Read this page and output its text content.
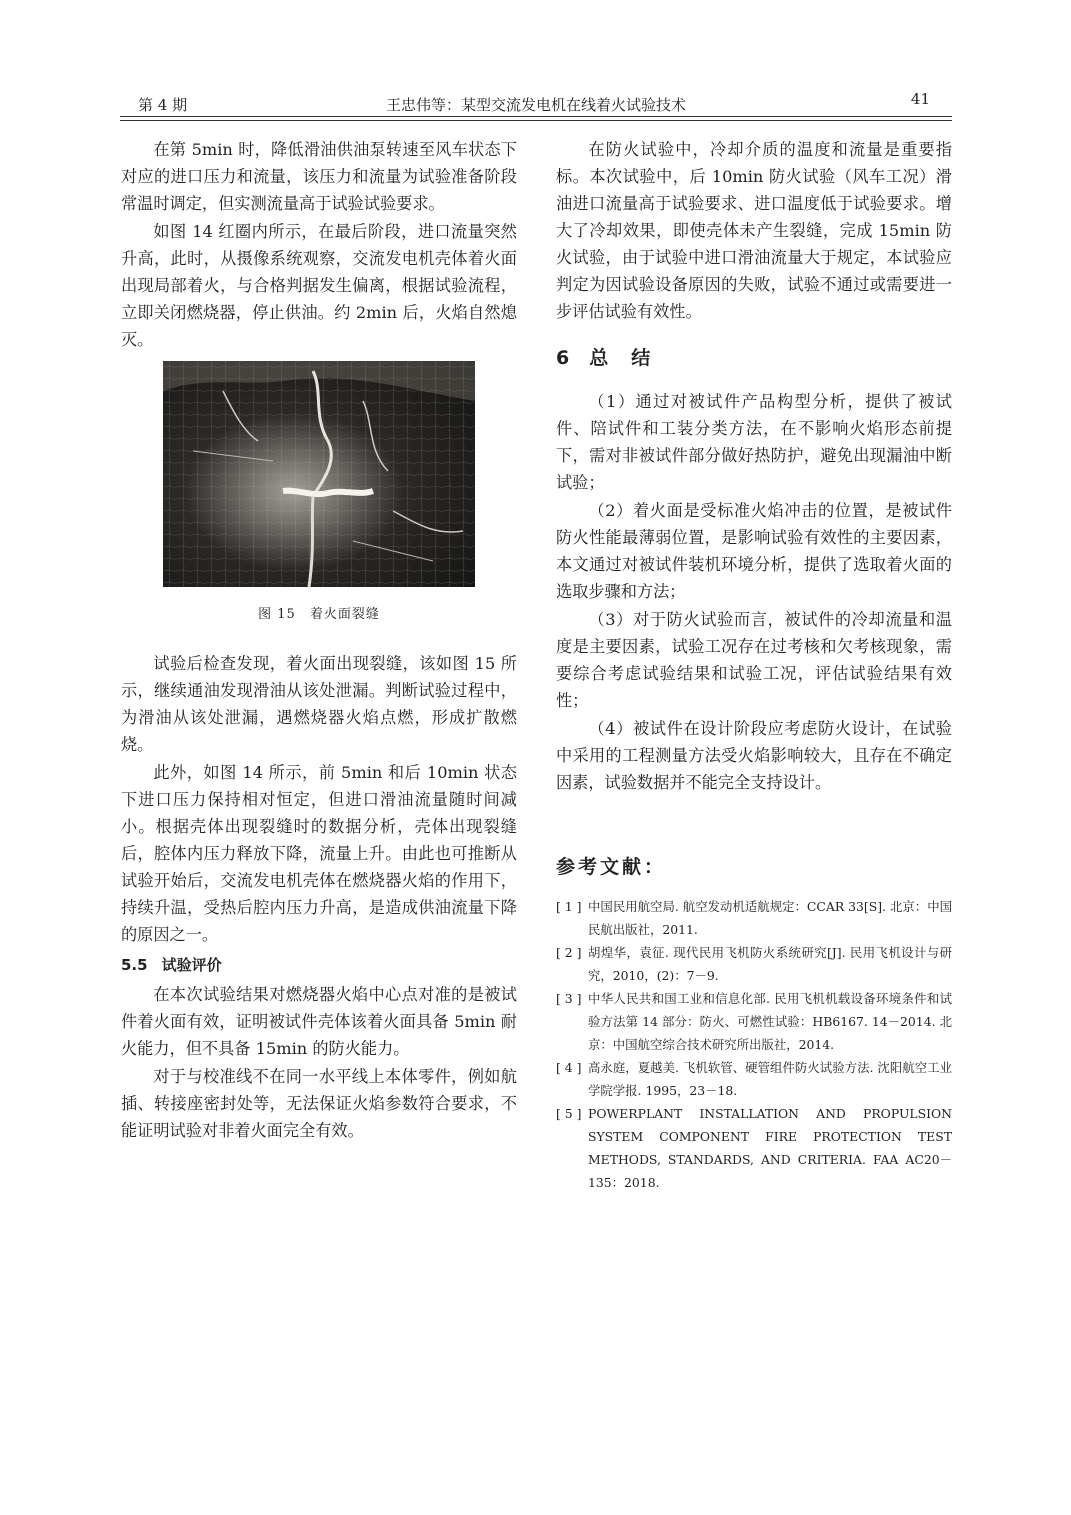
第 4 期	王忠伟等：某型交流发电机在线着火试验技术	41

在第 5min 时，降低滑油供油泵转速至风车状态下对应的进口压力和流量，该压力和流量为试验准备阶段常温时调定，但实测流量高于试验试验要求。

如图 14 红圈内所示，在最后阶段，进口流量突然升高，此时，从摄像系统观察，交流发电机壳体着火面出现局部着火，与合格判据发生偏离，根据试验流程，立即关闭燃烧器，停止供油。约 2min 后，火焰自然熄灭。

图 15　着火面裂缝

试验后检查发现，着火面出现裂缝，该如图 15 所示，继续通油发现滑油从该处泄漏。判断试验过程中，为滑油从该处泄漏，遇燃烧器火焰点燃，形成扩散燃烧。

此外，如图 14 所示，前 5min 和后 10min 状态下进口压力保持相对恒定，但进口滑油流量随时间减小。根据壳体出现裂缝时的数据分析，壳体出现裂缝后，腔体内压力释放下降，流量上升。由此也可推断从试验开始后，交流发电机壳体在燃烧器火焰的作用下，持续升温，受热后腔内压力升高，是造成供油流量下降的原因之一。

5.5 试验评价

在本次试验结果对燃烧器火焰中心点对准的是被试件着火面有效，证明被试件壳体该着火面具备 5min 耐火能力，但不具备 15min 的防火能力。

对于与校准线不在同一水平线上本体零件，例如航插、转接座密封处等，无法保证火焰参数符合要求，不能证明试验对非着火面完全有效。

在防火试验中，冷却介质的温度和流量是重要指标。本次试验中，后 10min 防火试验（风车工况）滑油进口流量高于试验要求、进口温度低于试验要求。增大了冷却效果，即使壳体未产生裂缝，完成 15min 防火试验，由于试验中进口滑油流量大于规定，本试验应判定为因试验设备原因的失败，试验不通过或需要进一步评估试验有效性。

6 总　结

（1）通过对被试件产品构型分析，提供了被试件、陪试件和工装分类方法，在不影响火焰形态前提下，需对非被试件部分做好热防护，避免出现漏油中断试验；

（2）着火面是受标准火焰冲击的位置，是被试件防火性能最薄弱位置，是影响试验有效性的主要因素，本文通过对被试件装机环境分析，提供了选取着火面的选取步骤和方法；

（3）对于防火试验而言，被试件的冷却流量和温度是主要因素，试验工况存在过考核和欠考核现象，需要综合考虑试验结果和试验工况，评估试验结果有效性；

（4）被试件在设计阶段应考虑防火设计，在试验中采用的工程测量方法受火焰影响较大，且存在不确定因素，试验数据并不能完全支持设计。

参考文献：
[ 1 ] 中国民用航空局. 航空发动机适航规定：CCAR 33[S]. 北京：中国民航出版社，2011.
[ 2 ] 胡煌华，袁征. 现代民用飞机防火系统研究[J]. 民用飞机设计与研究，2010，(2)：7－9.
[ 3 ] 中华人民共和国工业和信息化部. 民用飞机机载设备环境条件和试验方法第 14 部分：防火、可燃性试验：HB6167. 14－2014. 北京：中国航空综合技术研究所出版社，2014.
[ 4 ] 高永庭，夏越美. 飞机软管、硬管组件防火试验方法. 沈阳航空工业学院学报. 1995，23－18.
[ 5 ] POWERPLANT INSTALLATION AND PROPULSION SYSTEM COMPONENT FIRE PROTECTION TEST METHODS, STANDARDS, AND CRITERIA. FAA AC20－135：2018.
